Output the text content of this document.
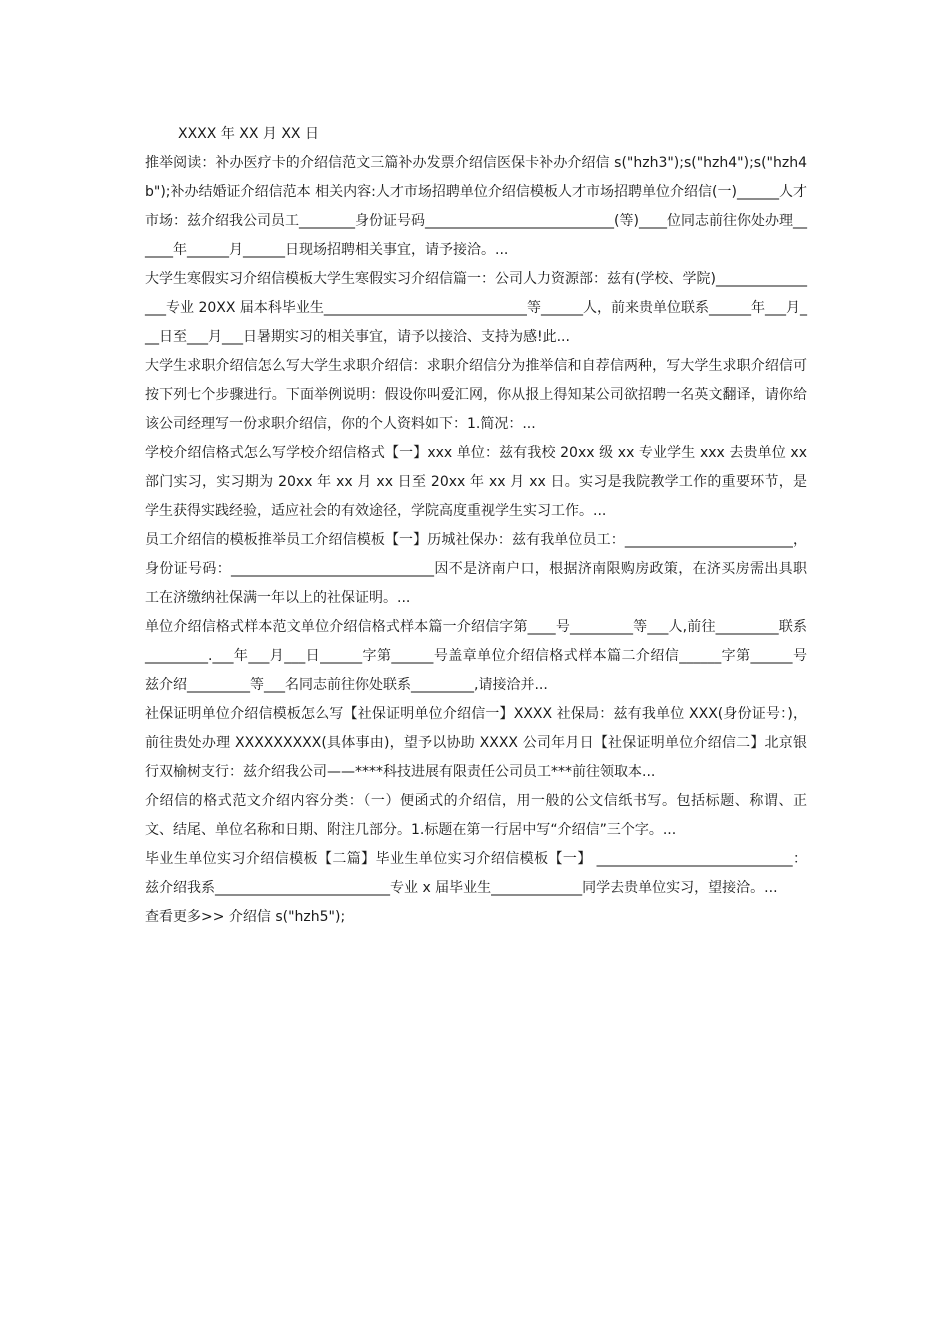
XXXX 年 XX 月 XX 日
推举阅读：补办医疗卡的介绍信范文三篇补办发票介绍信医保卡补办介绍信 s("hzh3");s("hzh4");s("hzh4b");补办结婚证介绍信范本 相关内容:人才市场招聘单位介绍信模板人才市场招聘单位介绍信(一)______人才市场：兹介绍我公司员工________身份证号码___________________________(等)____位同志前往你处办理______年______月______日现场招聘相关事宜，请予接洽。...
大学生寒假实习介绍信模板大学生寒假实习介绍信篇一：公司人力资源部：兹有(学校、学院)________________专业 20XX 届本科毕业生_____________________________等______人，前来贵单位联系______年___月___日至___月___日暑期实习的相关事宜，请予以接洽、支持为感!此...
大学生求职介绍信怎么写大学生求职介绍信：求职介绍信分为推举信和自荐信两种，写大学生求职介绍信可按下列七个步骤进行。下面举例说明：假设你叫爱汇网，你从报上得知某公司欲招聘一名英文翻译，请你给该公司经理写一份求职介绍信，你的个人资料如下：1.简况：...
学校介绍信格式怎么写学校介绍信格式【一】xxx 单位：兹有我校 20xx 级 xx 专业学生 xxx 去贵单位 xx 部门实习，实习期为 20xx 年 xx 月 xx 日至 20xx 年 xx 月 xx 日。实习是我院教学工作的重要环节，是学生获得实践经验，适应社会的有效途径，学院高度重视学生实习工作。...
员工介绍信的模板推举员工介绍信模板【一】历城社保办：兹有我单位员工：________________________，身份证号码：_____________________________因不是济南户口，根据济南限购房政策，在济买房需出具职工在济缴纳社保满一年以上的社保证明。...
单位介绍信格式样本范文单位介绍信格式样本篇一介绍信字第____号_________等___人,前往_________联系_________.___年___月___日______字第______号盖章单位介绍信格式样本篇二介绍信______字第______号兹介绍_________等___名同志前往你处联系_________,请接洽并...
社保证明单位介绍信模板怎么写【社保证明单位介绍信一】XXXX 社保局：兹有我单位 XXX(身份证号：)，前往贵处办理 XXXXXXXXX(具体事由)，望予以协助 XXXX 公司年月日【社保证明单位介绍信二】北京银行双榆树支行：兹介绍我公司——****科技进展有限责任公司员工***前往领取本...
介绍信的格式范文介绍内容分类：（一）便函式的介绍信，用一般的公文信纸书写。包括标题、称谓、正文、结尾、单位名称和日期、附注几部分。1.标题在第一行居中写“介绍信”三个字。...
毕业生单位实习介绍信模板【二篇】毕业生单位实习介绍信模板【一】 ____________________________：兹介绍我系_________________________专业 x 届毕业生_____________同学去贵单位实习，望接洽。...
查看更多>> 介绍信 s("hzh5");
